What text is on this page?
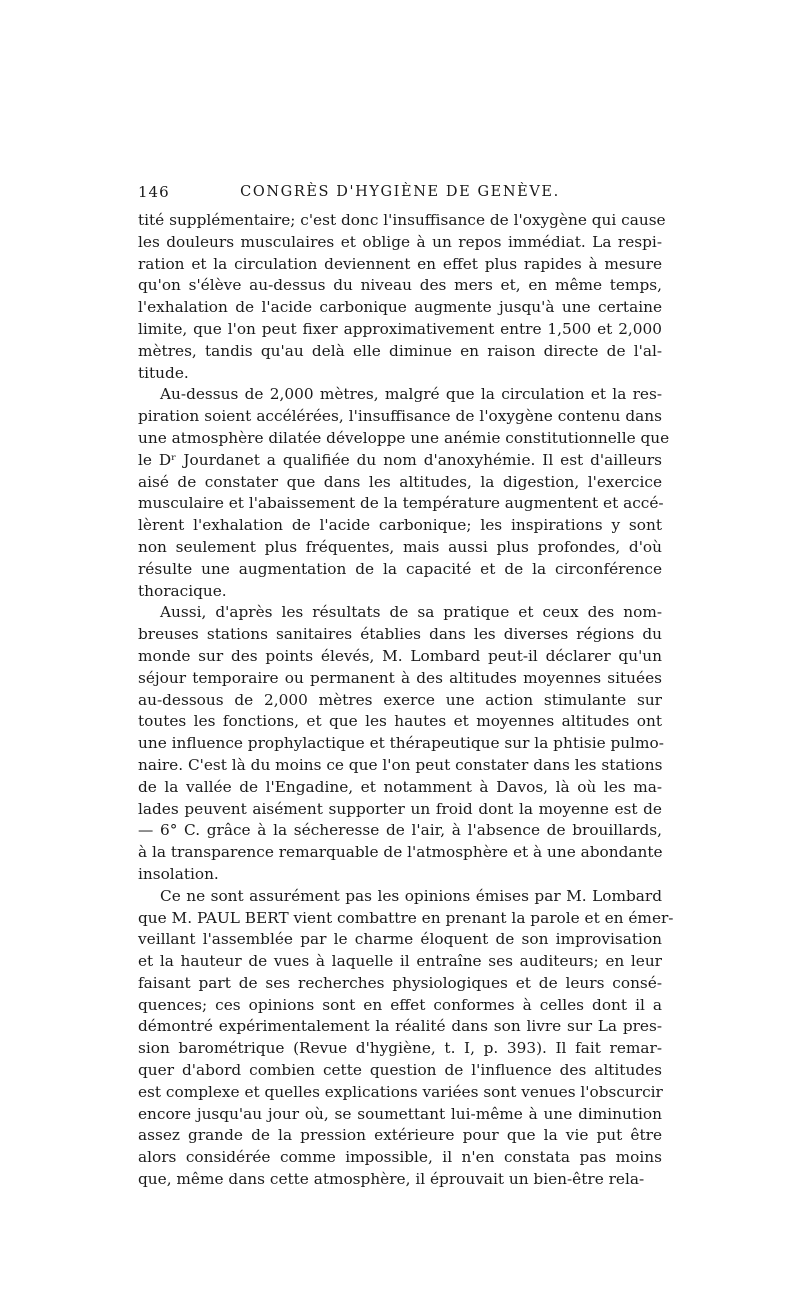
146	CONGRÈS D'HYGIÈNE DE GENÈVE.
tité supplémentaire; c'est donc l'insuffisance de l'oxygène qui cause
les douleurs musculaires et oblige à un repos immédiat. La respi-
ration et la circulation deviennent en effet plus rapides à mesure
qu'on s'élève au-dessus du niveau des mers et, en même temps,
l'exhalation de l'acide carbonique augmente jusqu'à une certaine
limite, que l'on peut fixer approximativement entre 1,500 et 2,000
mètres, tandis qu'au delà elle diminue en raison directe de l'al-
titude.
Au-dessus de 2,000 mètres, malgré que la circulation et la res-
piration soient accélérées, l'insuffisance de l'oxygène contenu dans
une atmosphère dilatée développe une anémie constitutionnelle que
le Dʳ Jourdanet a qualifiée du nom d'anoxyhémie. Il est d'ailleurs
aisé de constater que dans les altitudes, la digestion, l'exercice
musculaire et l'abaissement de la température augmentent et accé-
lèrent l'exhalation de l'acide carbonique; les inspirations y sont
non seulement plus fréquentes, mais aussi plus profondes, d'où
résulte une augmentation de la capacité et de la circonférence
thoracique.
Aussi, d'après les résultats de sa pratique et ceux des nom-
breuses stations sanitaires établies dans les diverses régions du
monde sur des points élevés, M. Lombard peut-il déclarer qu'un
séjour temporaire ou permanent à des altitudes moyennes situées
au-dessous de 2,000 mètres exerce une action stimulante sur
toutes les fonctions, et que les hautes et moyennes altitudes ont
une influence prophylactique et thérapeutique sur la phtisie pulmo-
naire. C'est là du moins ce que l'on peut constater dans les stations
de la vallée de l'Engadine, et notamment à Davos, là où les ma-
lades peuvent aisément supporter un froid dont la moyenne est de
— 6° C. grâce à la sécheresse de l'air, à l'absence de brouillards,
à la transparence remarquable de l'atmosphère et à une abondante
insolation.
Ce ne sont assurément pas les opinions émises par M. Lombard
que M. PAUL BERT vient combattre en prenant la parole et en émer-
veillant l'assemblée par le charme éloquent de son improvisation
et la hauteur de vues à laquelle il entraîne ses auditeurs; en leur
faisant part de ses recherches physiologiques et de leurs consé-
quences; ces opinions sont en effet conformes à celles dont il a
démontré expérimentalement la réalité dans son livre sur La pres-
sion barométrique (Revue d'hygiène, t. I, p. 393). Il fait remar-
quer d'abord combien cette question de l'influence des altitudes
est complexe et quelles explications variées sont venues l'obscurcir
encore jusqu'au jour où, se soumettant lui-même à une diminution
assez grande de la pression extérieure pour que la vie put être
alors considérée comme impossible, il n'en constata pas moins
que, même dans cette atmosphère, il éprouvait un bien-être rela-
